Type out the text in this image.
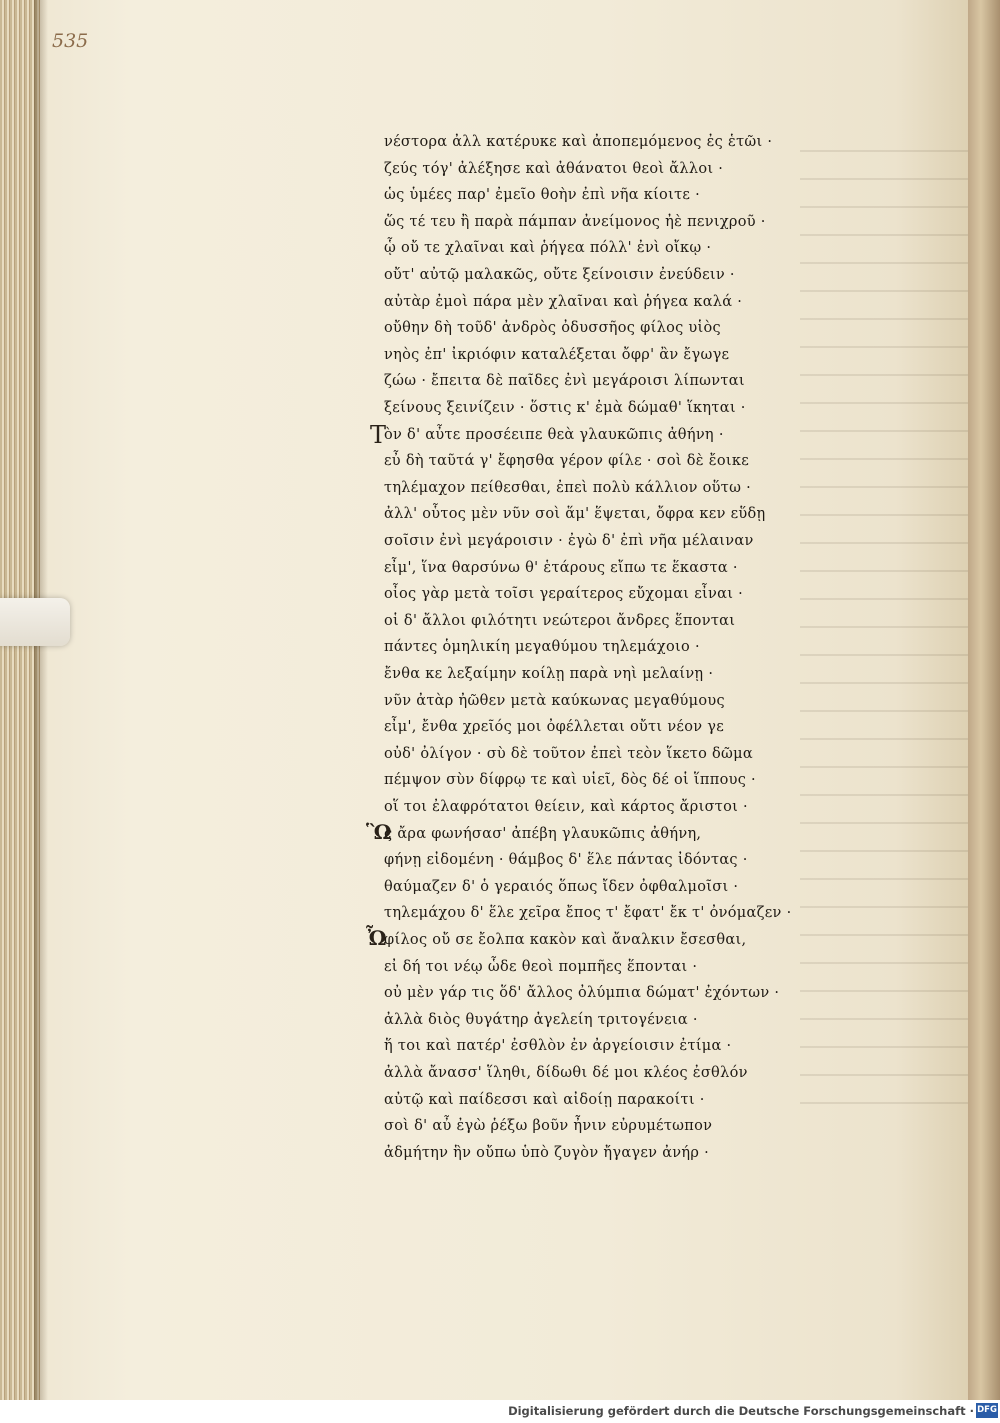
535
νέστορα ἀλλ κατέρυκε καὶ ἀποπεμόμενος ἐς ἑτῶι ·
ζεύς τόγ' ἀλέξησε καὶ ἀθάνατοι θεοὶ ἄλλοι ·
ὡς ὑμέες παρ' ἐμεῖο θοὴν ἐπὶ νῆα κίοιτε ·
ὥς τέ τευ ἢ παρὰ πάμπαν ἀνείμονος ἠὲ πενιχροῦ ·
ᾧ οὔ τε χλαῖναι καὶ ῥήγεα πόλλ' ἐνὶ οἴκῳ ·
οὔτ' αὐτῷ μαλακῶς, οὔτε ξείνοισιν ἐνεύδειν ·
αὐτὰρ ἐμοὶ πάρα μὲν χλαῖναι καὶ ῥήγεα καλά ·
οὔθην δὴ τοῦδ' ἀνδρὸς ὀδυσσῆος φίλος υἱὸς
νηὸς ἐπ' ἰκριόφιν καταλέξεται ὄφρ' ἂν ἔγωγε
ζώω · ἔπειτα δὲ παῖδες ἐνὶ μεγάροισι λίπωνται
ξείνους ξεινίζειν · ὅστις κ' ἐμὰ δώμαθ' ἵκηται ·
Τ
ὸν δ' αὖτε προσέειπε θεὰ γλαυκῶπις ἀθήνη ·
εὖ δὴ ταῦτά γ' ἔφησθα γέρον φίλε · σοὶ δὲ ἔοικε
τηλέμαχον πείθεσθαι, ἐπεὶ πολὺ κάλλιον οὕτω ·
ἀλλ' οὗτος μὲν νῦν σοὶ ἅμ' ἕψεται, ὄφρα κεν εὕδῃ
σοῖσιν ἐνὶ μεγάροισιν · ἐγὼ δ' ἐπὶ νῆα μέλαιναν
εἶμ', ἵνα θαρσύνω θ' ἑτάρους εἴπω τε ἕκαστα ·
οἶος γὰρ μετὰ τοῖσι γεραίτερος εὔχομαι εἶναι ·
οἱ δ' ἄλλοι φιλότητι νεώτεροι ἄνδρες ἕπονται
πάντες ὁμηλικίη μεγαθύμου τηλεμάχοιο ·
ἔνθα κε λεξαίμην κοίλῃ παρὰ νηὶ μελαίνῃ ·
νῦν ἀτὰρ ἠῶθεν μετὰ καύκωνας μεγαθύμους
εἶμ', ἔνθα χρεῖός μοι ὀφέλλεται οὔτι νέον γε
οὐδ' ὀλίγον · σὺ δὲ τοῦτον ἐπεὶ τεὸν ἵκετο δῶμα
πέμψον σὺν δίφρῳ τε καὶ υἱεῖ, δὸς δέ οἱ ἵππους ·
οἵ τοι ἐλαφρότατοι θείειν, καὶ κάρτος ἄριστοι ·
Ὣ
ς ἄρα φωνήσασ' ἀπέβη γλαυκῶπις ἀθήνη,
φήνῃ εἰδομένη · θάμβος δ' ἕλε πάντας ἰδόντας ·
θαύμαζεν δ' ὁ γεραιός ὅπως ἴδεν ὀφθαλμοῖσι ·
τηλεμάχου δ' ἕλε χεῖρα ἔπος τ' ἔφατ' ἔκ τ' ὀνόμαζεν ·
Ὦ
φίλος οὔ σε ἔολπα κακὸν καὶ ἄναλκιν ἔσεσθαι,
εἰ δή τοι νέῳ ὧδε θεοὶ πομπῆες ἕπονται ·
οὐ μὲν γάρ τις ὅδ' ἄλλος ὀλύμπια δώματ' ἐχόντων ·
ἀλλὰ διὸς θυγάτηρ ἀγελείη τριτογένεια ·
ἥ τοι καὶ πατέρ' ἐσθλὸν ἐν ἀργείοισιν ἐτίμα ·
ἀλλὰ ἄνασσ' ἵληθι, δίδωθι δέ μοι κλέος ἐσθλόν
αὐτῷ καὶ παίδεσσι καὶ αἰδοίῃ παρακοίτι ·
σοὶ δ' αὖ ἐγὼ ῥέξω βοῦν ἦνιν εὐρυμέτωπον
ἀδμήτην ἣν οὔπω ὑπὸ ζυγὸν ἤγαγεν ἀνήρ ·
Digitalisierung gefördert durch die Deutsche Forschungsgemeinschaft · DFG
